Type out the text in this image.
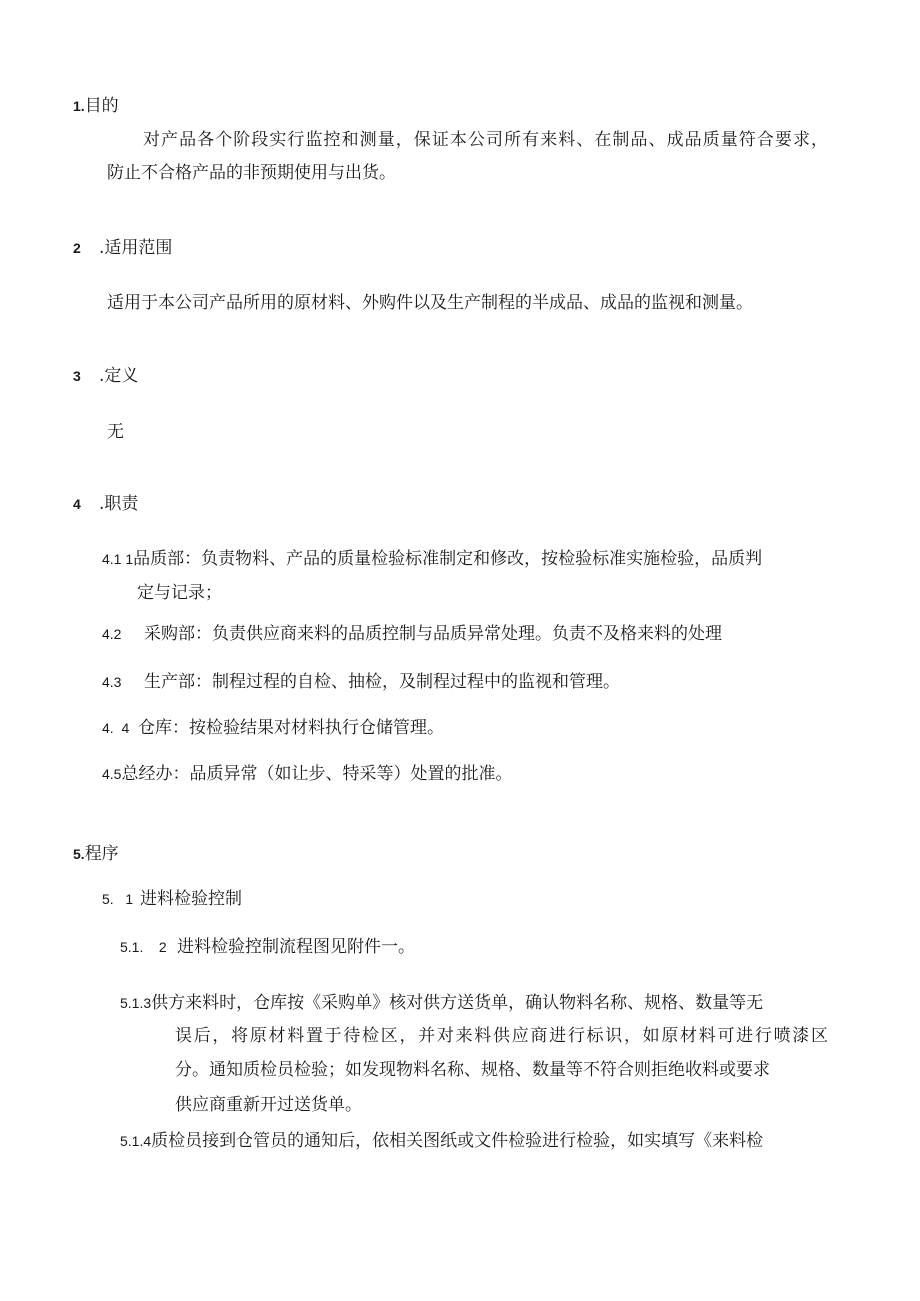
1.目的
对产品各个阶段实行监控和测量，保证本公司所有来料、在制品、成品质量符合要求，
防止不合格产品的非预期使用与出货。
2 .适用范围
适用于本公司产品所用的原材料、外购件以及生产制程的半成品、成品的监视和测量。
3 .定义
无
4 .职责
4.1 1品质部：负责物料、产品的质量检验标准制定和修改，按检验标准实施检验，品质判
定与记录；
4.2 采购部：负责供应商来料的品质控制与品质异常处理。负责不及格来料的处理
4.3 生产部：制程过程的自检、抽检，及制程过程中的监视和管理。
4.  4 仓库：按检验结果对材料执行仓储管理。
4.5总经办：品质异常（如让步、特采等）处置的批准。
5.程序
5.   1 进料检验控制
5.1.    2 进料检验控制流程图见附件一。
5.1.3供方来料时，仓库按《采购单》核对供方送货单，确认物料名称、规格、数量等无
误后，将原材料置于待检区，并对来料供应商进行标识，如原材料可进行喷漆区
分。通知质检员检验；如发现物料名称、规格、数量等不符合则拒绝收料或要求
供应商重新开过送货单。
5.1.4质检员接到仓管员的通知后，依相关图纸或文件检验进行检验，如实填写《来料检
